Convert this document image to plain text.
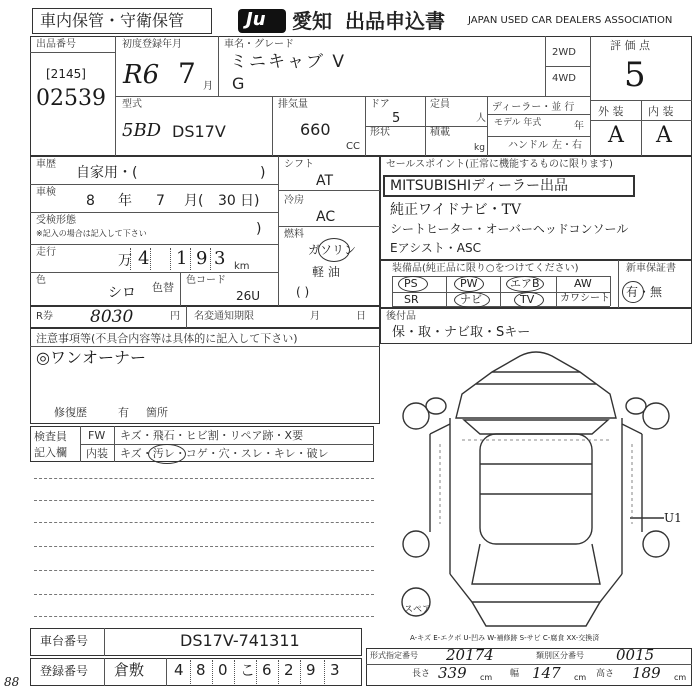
車内保管・守衛保管	Ju 愛知 出品申込書 JAPAN USED CAR DEALERS ASSOCIATION
出品番号
[2145]
02539
初度登録年月
R6 7 月
車名・グレード
ミニキャブ V
G
2WD
4WD
評 価 点
5
外 装 内 装
A A
型式
5BD DS17V
排気量
660
CC
ドア
5
形状
定員
人
積載
kg
ディーラー・並 行
モデル 年式	年
ハンドル 左・右
車歴
自家用・(	)
車検
8 年 7 月( 30 日)
受検形態
※記入の場合は記入して下さい	)
走行
万 4 1 9 3 km
色
シロ 色替
色コード
26U
シフト
AT
冷房
AC
燃料
ガソリン
軽 油
( )
R券 8030	円 名変通知期限	月	日
注意事項等(不具合内容等は具体的に記入して下さい)
◎ワンオーナー
修復歴	有 箇所
検査員
記入欄
FW キズ・飛石・ヒビ割・リペア跡・X要
内装 キズ・汚レ・コゲ・穴・スレ・キレ・破レ
セールスポイント(正常に機能するものに限ります)
MITSUBISHIディーラー出品
純正ワイドナビ・TV
シートヒーター・オーバーヘッドコンソール
Eアシスト・ASC
装備品(純正品に限り○をつけてください)	新車保証書
有・無
PS	PW	エアB	AW
SR	ナビ	TV	カワシート
後付品
保・取・ナビ取・Sキー
スペア
U1
A-キズ E-エクボ U-凹み W-補修跡 S-サビ C-腐食 XX-交換済
車台番号	DS17V-741311
登録番号 倉敷 4 8 0 こ 6 2 9 3
88
形式指定番号 20174	類別区分番号 0015
長さ 339 cm 幅 147 cm 高さ 189 cm
